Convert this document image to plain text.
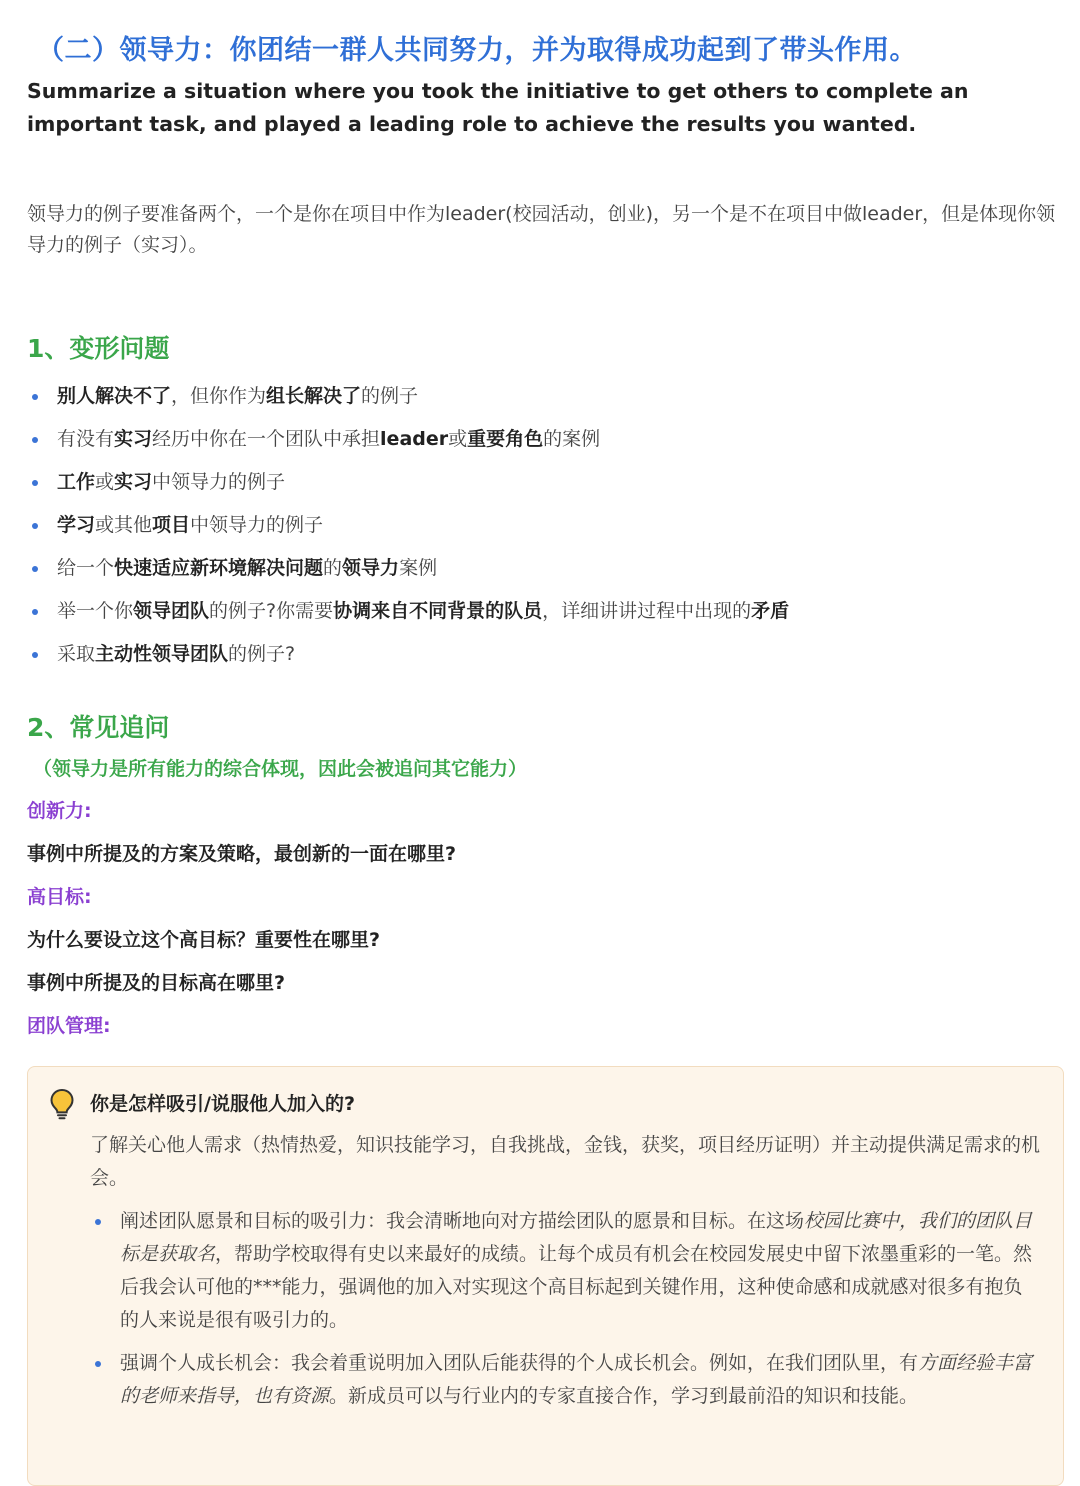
（二）领导力：你团结一群人共同努力，并为取得成功起到了带头作用。
Summarize a situation where you took the initiative to get others to complete an important task, and played a leading role to achieve the results you wanted.
领导力的例子要准备两个，一个是你在项目中作为leader(校园活动，创业)，另一个是不在项目中做leader，但是体现你领导力的例子（实习）。
1、变形问题
别人解决不了，但你作为组长解决了的例子
有没有实习经历中你在一个团队中承担leader或重要角色的案例
工作或实习中领导力的例子
学习或其他项目中领导力的例子
给一个快速适应新环境解决问题的领导力案例
举一个你领导团队的例子?你需要协调来自不同背景的队员，详细讲讲过程中出现的矛盾
采取主动性领导团队的例子?
2、常见追问
（领导力是所有能力的综合体现，因此会被追问其它能力）
创新力:
事例中所提及的方案及策略，最创新的一面在哪里?
高目标:
为什么要设立这个高目标？重要性在哪里?
事例中所提及的目标高在哪里?
团队管理:
你是怎样吸引/说服他人加入的?
了解关心他人需求（热情热爱，知识技能学习，自我挑战，金钱，获奖，项目经历证明）并主动提供满足需求的机会。
阐述团队愿景和目标的吸引力：我会清晰地向对方描绘团队的愿景和目标。在这场校园比赛中，我们的团队目标是获取名，帮助学校取得有史以来最好的成绩。让每个成员有机会在校园发展史中留下浓墨重彩的一笔。然后我会认可他的***能力，强调他的加入对实现这个高目标起到关键作用，这种使命感和成就感对很多有抱负的人来说是很有吸引力的。
强调个人成长机会：我会着重说明加入团队后能获得的个人成长机会。例如，在我们团队里，有方面经验丰富的老师来指导，也有资源。新成员可以与行业内的专家直接合作，学习到最前沿的知识和技能。
